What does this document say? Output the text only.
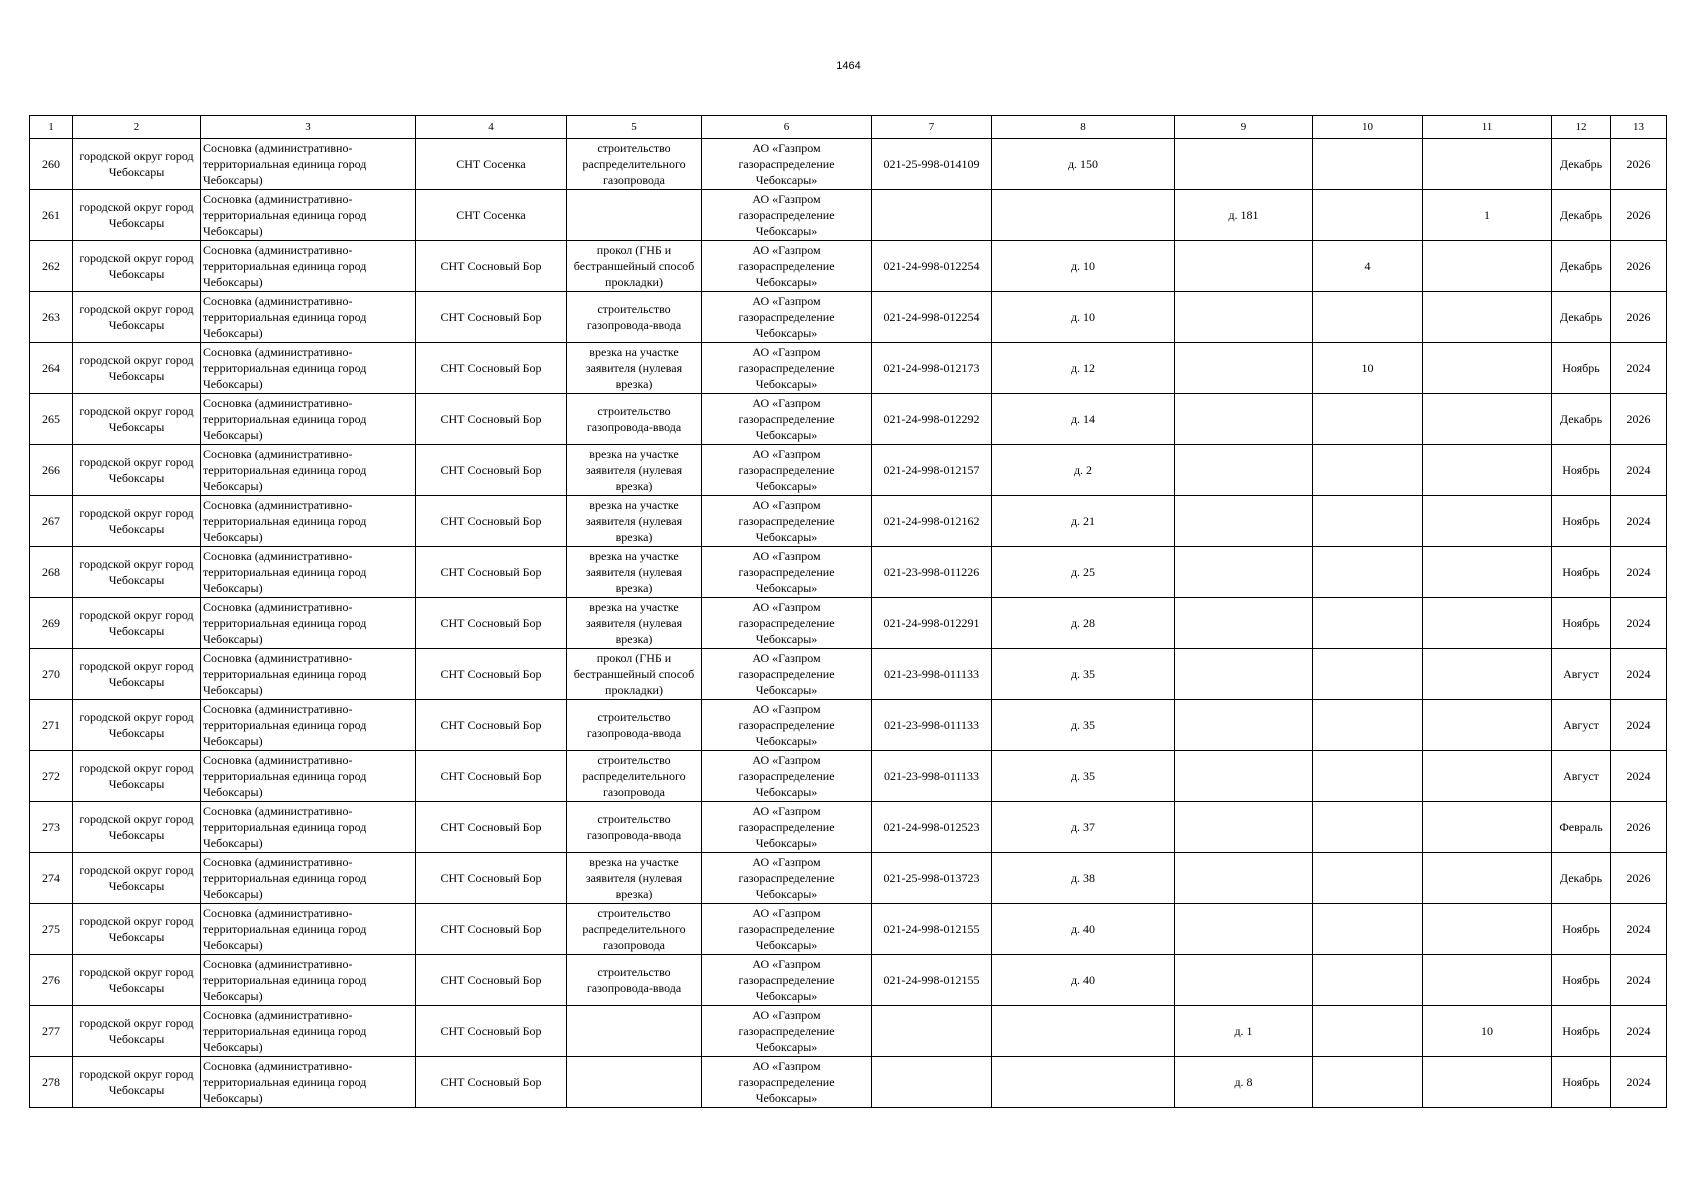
1464
1	2	3	4	5	6	7	8	9	10	11	12	13
260	городской округ город
Чебоксары	Сосновка (административно-
территориальная единица город
Чебоксары)	СНТ Сосенка	строительство
распределительного
газопровода	АО «Газпром
газораспределение
Чебоксары»	021-25-998-014109	д. 150				Декабрь	2026
261	городской округ город
Чебоксары	Сосновка (административно-
территориальная единица город
Чебоксары)	СНТ Сосенка		АО «Газпром
газораспределение
Чебоксары»			д. 181		1	Декабрь	2026
262	городской округ город
Чебоксары	Сосновка (административно-
территориальная единица город
Чебоксары)	СНТ Сосновый Бор	прокол (ГНБ и
бестраншейный способ
прокладки)	АО «Газпром
газораспределение
Чебоксары»	021-24-998-012254	д. 10		4		Декабрь	2026
263	городской округ город
Чебоксары	Сосновка (административно-
территориальная единица город
Чебоксары)	СНТ Сосновый Бор	строительство
газопровода-ввода	АО «Газпром
газораспределение
Чебоксары»	021-24-998-012254	д. 10				Декабрь	2026
264	городской округ город
Чебоксары	Сосновка (административно-
территориальная единица город
Чебоксары)	СНТ Сосновый Бор	врезка на участке
заявителя (нулевая
врезка)	АО «Газпром
газораспределение
Чебоксары»	021-24-998-012173	д. 12		10		Ноябрь	2024
265	городской округ город
Чебоксары	Сосновка (административно-
территориальная единица город
Чебоксары)	СНТ Сосновый Бор	строительство
газопровода-ввода	АО «Газпром
газораспределение
Чебоксары»	021-24-998-012292	д. 14				Декабрь	2026
266	городской округ город
Чебоксары	Сосновка (административно-
территориальная единица город
Чебоксары)	СНТ Сосновый Бор	врезка на участке
заявителя (нулевая
врезка)	АО «Газпром
газораспределение
Чебоксары»	021-24-998-012157	д. 2				Ноябрь	2024
267	городской округ город
Чебоксары	Сосновка (административно-
территориальная единица город
Чебоксары)	СНТ Сосновый Бор	врезка на участке
заявителя (нулевая
врезка)	АО «Газпром
газораспределение
Чебоксары»	021-24-998-012162	д. 21				Ноябрь	2024
268	городской округ город
Чебоксары	Сосновка (административно-
территориальная единица город
Чебоксары)	СНТ Сосновый Бор	врезка на участке
заявителя (нулевая
врезка)	АО «Газпром
газораспределение
Чебоксары»	021-23-998-011226	д. 25				Ноябрь	2024
269	городской округ город
Чебоксары	Сосновка (административно-
территориальная единица город
Чебоксары)	СНТ Сосновый Бор	врезка на участке
заявителя (нулевая
врезка)	АО «Газпром
газораспределение
Чебоксары»	021-24-998-012291	д. 28				Ноябрь	2024
270	городской округ город
Чебоксары	Сосновка (административно-
территориальная единица город
Чебоксары)	СНТ Сосновый Бор	прокол (ГНБ и
бестраншейный способ
прокладки)	АО «Газпром
газораспределение
Чебоксары»	021-23-998-011133	д. 35				Август	2024
271	городской округ город
Чебоксары	Сосновка (административно-
территориальная единица город
Чебоксары)	СНТ Сосновый Бор	строительство
газопровода-ввода	АО «Газпром
газораспределение
Чебоксары»	021-23-998-011133	д. 35				Август	2024
272	городской округ город
Чебоксары	Сосновка (административно-
территориальная единица город
Чебоксары)	СНТ Сосновый Бор	строительство
распределительного
газопровода	АО «Газпром
газораспределение
Чебоксары»	021-23-998-011133	д. 35				Август	2024
273	городской округ город
Чебоксары	Сосновка (административно-
территориальная единица город
Чебоксары)	СНТ Сосновый Бор	строительство
газопровода-ввода	АО «Газпром
газораспределение
Чебоксары»	021-24-998-012523	д. 37				Февраль	2026
274	городской округ город
Чебоксары	Сосновка (административно-
территориальная единица город
Чебоксары)	СНТ Сосновый Бор	врезка на участке
заявителя (нулевая
врезка)	АО «Газпром
газораспределение
Чебоксары»	021-25-998-013723	д. 38				Декабрь	2026
275	городской округ город
Чебоксары	Сосновка (административно-
территориальная единица город
Чебоксары)	СНТ Сосновый Бор	строительство
распределительного
газопровода	АО «Газпром
газораспределение
Чебоксары»	021-24-998-012155	д. 40				Ноябрь	2024
276	городской округ город
Чебоксары	Сосновка (административно-
территориальная единица город
Чебоксары)	СНТ Сосновый Бор	строительство
газопровода-ввода	АО «Газпром
газораспределение
Чебоксары»	021-24-998-012155	д. 40				Ноябрь	2024
277	городской округ город
Чебоксары	Сосновка (административно-
территориальная единица город
Чебоксары)	СНТ Сосновый Бор		АО «Газпром
газораспределение
Чебоксары»			д. 1		10	Ноябрь	2024
278	городской округ город
Чебоксары	Сосновка (административно-
территориальная единица город
Чебоксары)	СНТ Сосновый Бор		АО «Газпром
газораспределение
Чебоксары»			д. 8			Ноябрь	2024
